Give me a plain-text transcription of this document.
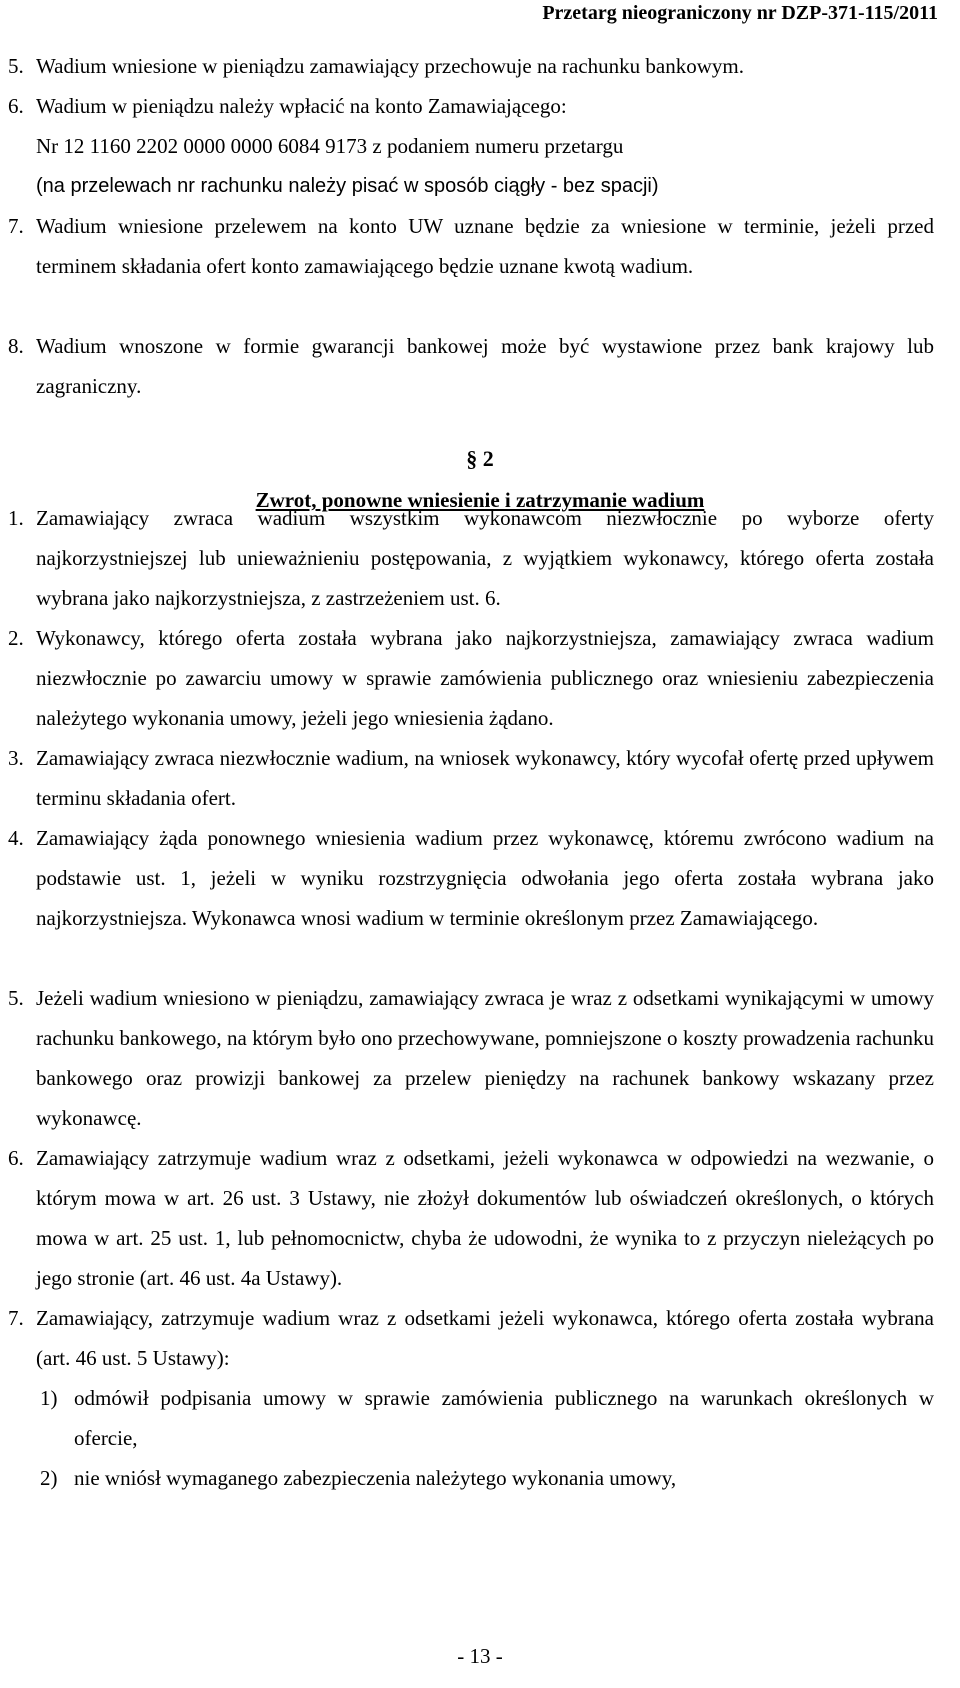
Przetarg nieograniczony nr DZP-371-115/2011
5. Wadium wniesione w pieniądzu zamawiający przechowuje na rachunku bankowym.
6. Wadium w pieniądzu należy wpłacić na konto Zamawiającego:
Nr 12 1160 2202 0000 0000 6084 9173 z podaniem numeru przetargu
(na przelewach nr rachunku należy pisać w sposób ciągły - bez spacji)
7. Wadium wniesione przelewem na konto UW uznane będzie za wniesione w terminie, jeżeli przed terminem składania ofert konto zamawiającego będzie uznane kwotą wadium.
8. Wadium wnoszone w formie gwarancji bankowej może być wystawione przez bank krajowy lub zagraniczny.
§ 2
Zwrot, ponowne wniesienie i zatrzymanie wadium
1. Zamawiający zwraca wadium wszystkim wykonawcom niezwłocznie po wyborze oferty najkorzystniejszej lub unieważnieniu postępowania, z wyjątkiem wykonawcy, którego oferta została wybrana jako najkorzystniejsza, z zastrzeżeniem ust. 6.
2. Wykonawcy, którego oferta została wybrana jako najkorzystniejsza, zamawiający zwraca wadium niezwłocznie po zawarciu umowy w sprawie zamówienia publicznego oraz wniesieniu zabezpieczenia należytego wykonania umowy, jeżeli jego wniesienia żądano.
3. Zamawiający zwraca niezwłocznie wadium, na wniosek wykonawcy, który wycofał ofertę przed upływem terminu składania ofert.
4. Zamawiający żąda ponownego wniesienia wadium przez wykonawcę, któremu zwrócono wadium na podstawie ust. 1, jeżeli w wyniku rozstrzygnięcia odwołania jego oferta została wybrana jako najkorzystniejsza. Wykonawca wnosi wadium w terminie określonym przez Zamawiającego.
5. Jeżeli wadium wniesiono w pieniądzu, zamawiający zwraca je wraz z odsetkami wynikającymi w umowy rachunku bankowego, na którym było ono przechowywane, pomniejszone o koszty prowadzenia rachunku bankowego oraz prowizji bankowej za przelew pieniędzy na rachunek bankowy wskazany przez wykonawcę.
6. Zamawiający zatrzymuje wadium wraz z odsetkami, jeżeli wykonawca w odpowiedzi na wezwanie, o którym mowa w art. 26 ust. 3 Ustawy, nie złożył dokumentów lub oświadczeń określonych, o których mowa w art. 25 ust. 1, lub pełnomocnictw, chyba że udowodni, że wynika to z przyczyn nieleżących po jego stronie (art. 46 ust. 4a Ustawy).
7. Zamawiający, zatrzymuje wadium wraz z odsetkami jeżeli wykonawca, którego oferta została wybrana (art. 46 ust. 5 Ustawy):
1) odmówił podpisania umowy w sprawie zamówienia publicznego na warunkach określonych w ofercie,
2) nie wniósł wymaganego zabezpieczenia należytego wykonania umowy,
- 13 -
